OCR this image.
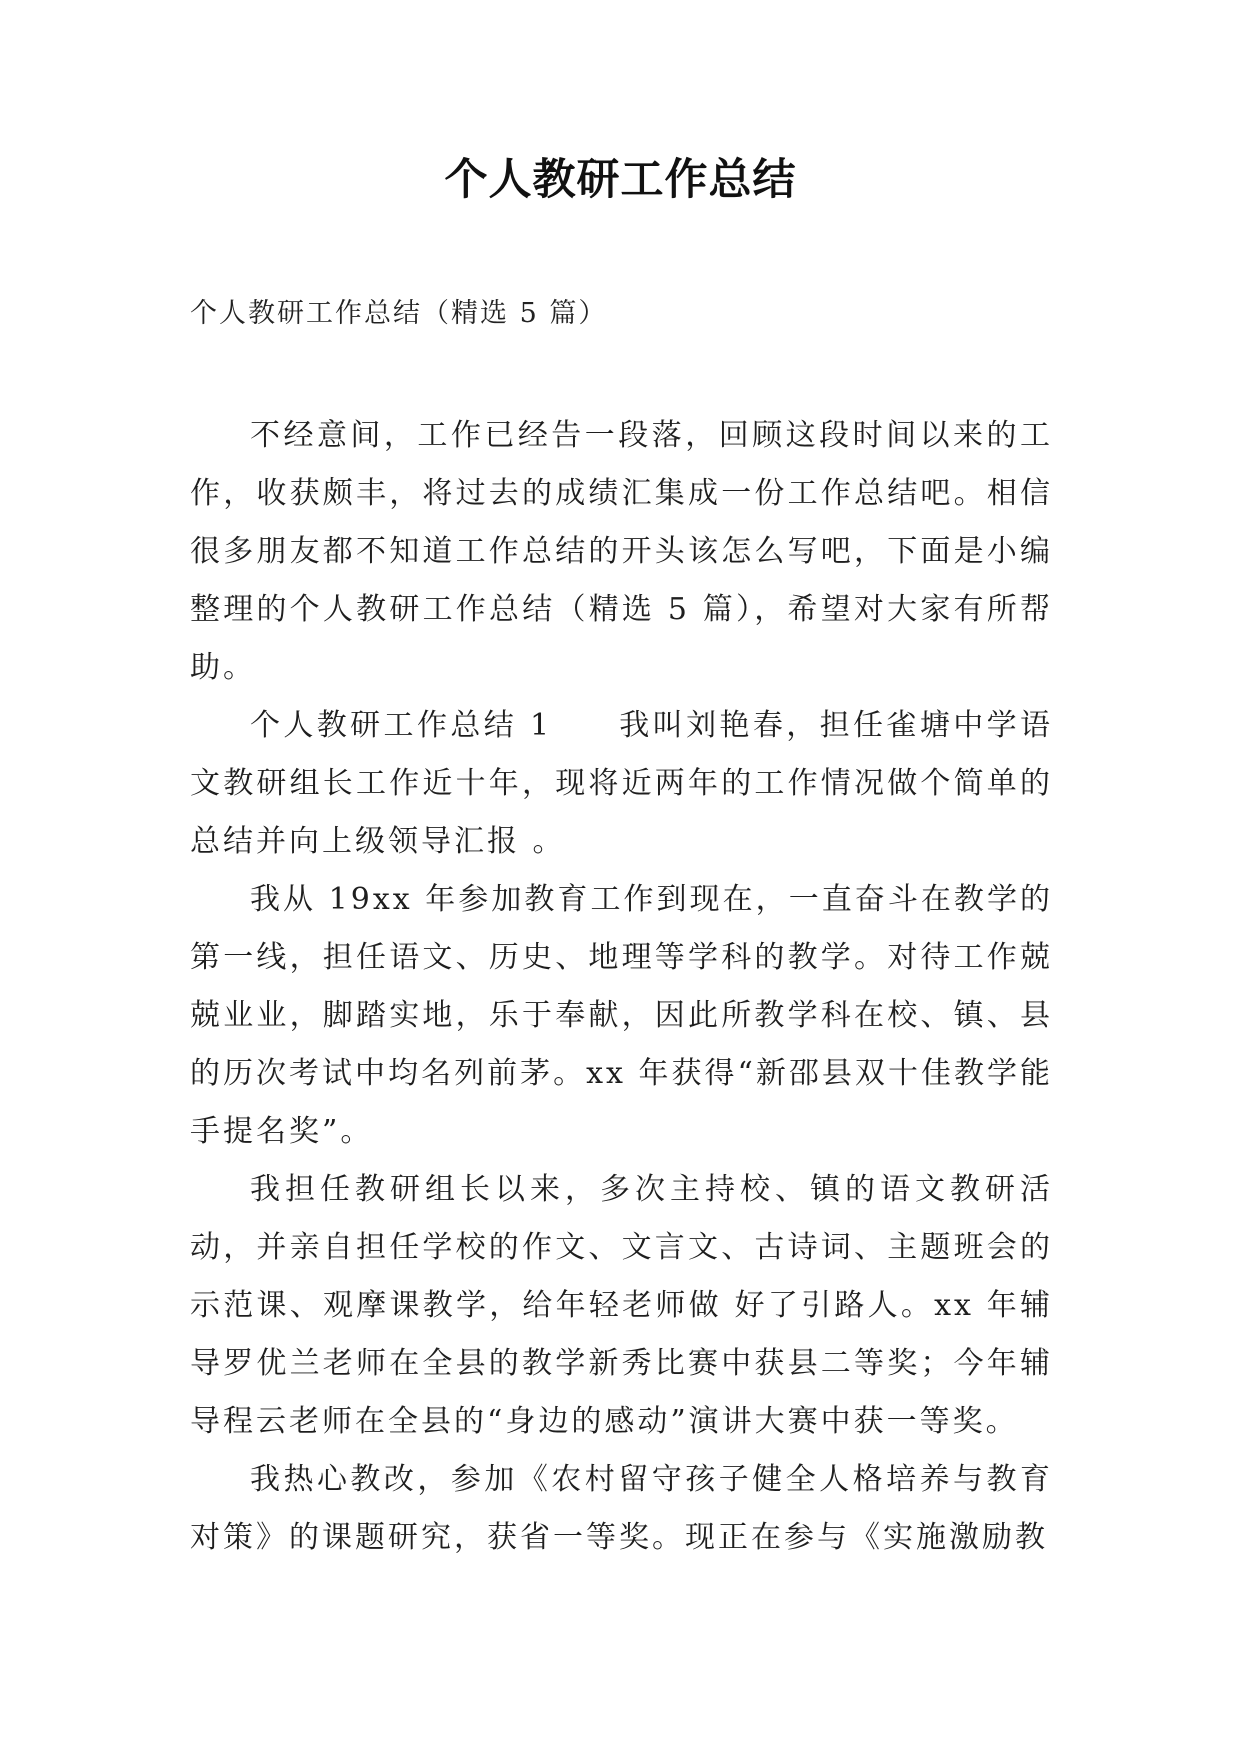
个人教研工作总结
个人教研工作总结（精选 5 篇）

不经意间，工作已经告一段落，回顾这段时间以来的工作，收获颇丰，将过去的成绩汇集成一份工作总结吧。相信很多朋友都不知道工作总结的开头该怎么写吧，下面是小编整理的个人教研工作总结（精选 5 篇），希望对大家有所帮助。

个人教研工作总结 1　　我叫刘艳春，担任雀塘中学语文教研组长工作近十年，现将近两年的工作情况做个简单的总结并向上级领导汇报 。

我从 19xx 年参加教育工作到现在，一直奋斗在教学的第一线，担任语文、历史、地理等学科的教学。对待工作兢兢业业，脚踏实地，乐于奉献，因此所教学科在校、镇、县的历次考试中均名列前茅。xx 年获得“新邵县双十佳教学能手提名奖”。

我担任教研组长以来，多次主持校、镇的语文教研活动，并亲自担任学校的作文、文言文、古诗词、主题班会的示范课、观摩课教学，给年轻老师做 好了引路人。xx 年辅导罗优兰老师在全县的教学新秀比赛中获县二等奖；今年辅导程云老师在全县的“身边的感动”演讲大赛中获一等奖。

我热心教改，参加《农村留守孩子健全人格培养与教育对策》的课题研究，获省一等奖。现正在参与《实施激励教
